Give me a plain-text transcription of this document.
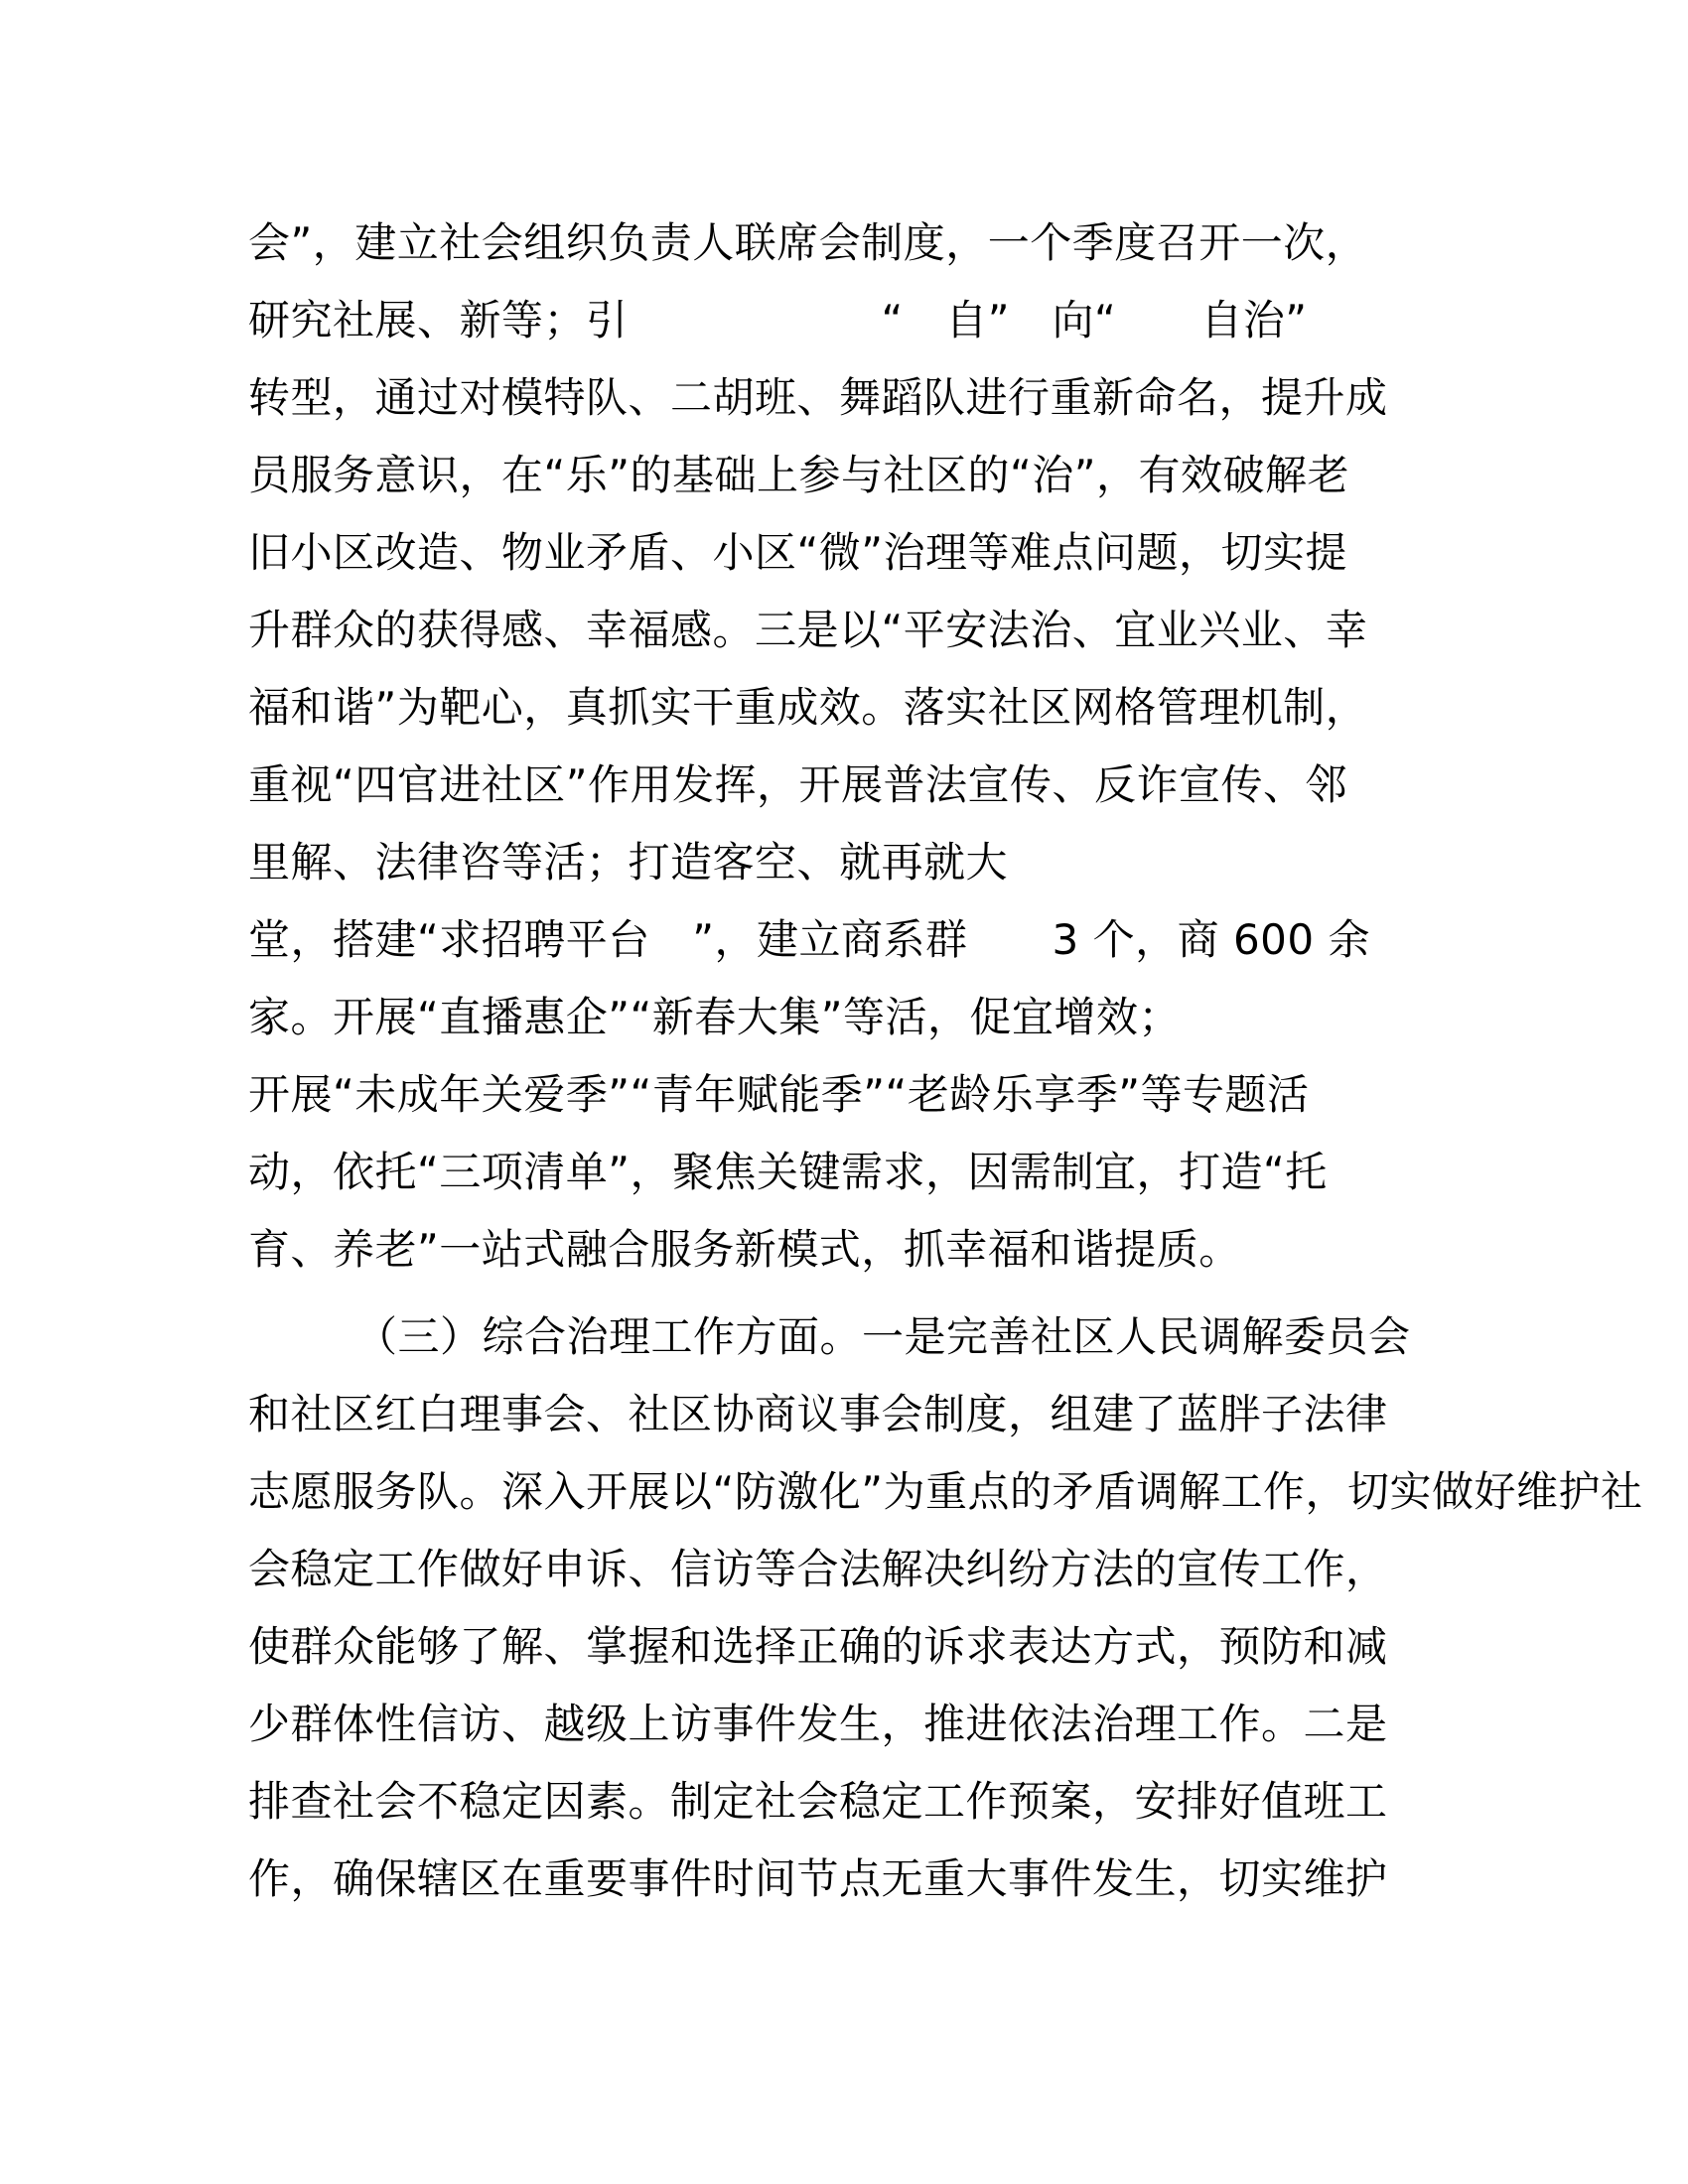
会”，建立社会组织负责人联席会制度，一个季度召开一次，
研究社展、新等；引　　　　　　“　自”　向“　　自治”
转型，通过对模特队、二胡班、舞蹈队进行重新命名，提升成
员服务意识，在“乐”的基础上参与社区的“治”，有效破解老
旧小区改造、物业矛盾、小区“微”治理等难点问题，切实提
升群众的获得感、幸福感。三是以“平安法治、宜业兴业、幸
福和谐”为靶心，真抓实干重成效。落实社区网格管理机制，
重视“四官进社区”作用发挥，开展普法宣传、反诈宣传、邻
里解、法律咨等活；打造客空、就再就大
堂，搭建“求招聘平台　”，建立商系群　　3 个，商 600 余
家。开展“直播惠企”“新春大集”等活，促宜增效；
开展“未成年关爱季”“青年赋能季”“老龄乐享季”等专题活
动，依托“三项清单”，聚焦关键需求，因需制宜，打造“托
育、养老”一站式融合服务新模式，抓幸福和谐提质。
（三）综合治理工作方面。一是完善社区人民调解委员会
和社区红白理事会、社区协商议事会制度，组建了蓝胖子法律
志愿服务队。深入开展以“防激化”为重点的矛盾调解工作，切实做好维护社
会稳定工作做好申诉、信访等合法解决纠纷方法的宣传工作，
使群众能够了解、掌握和选择正确的诉求表达方式，预防和减
少群体性信访、越级上访事件发生，推进依法治理工作。二是
排查社会不稳定因素。制定社会稳定工作预案，安排好值班工
作，确保辖区在重要事件时间节点无重大事件发生，切实维护
